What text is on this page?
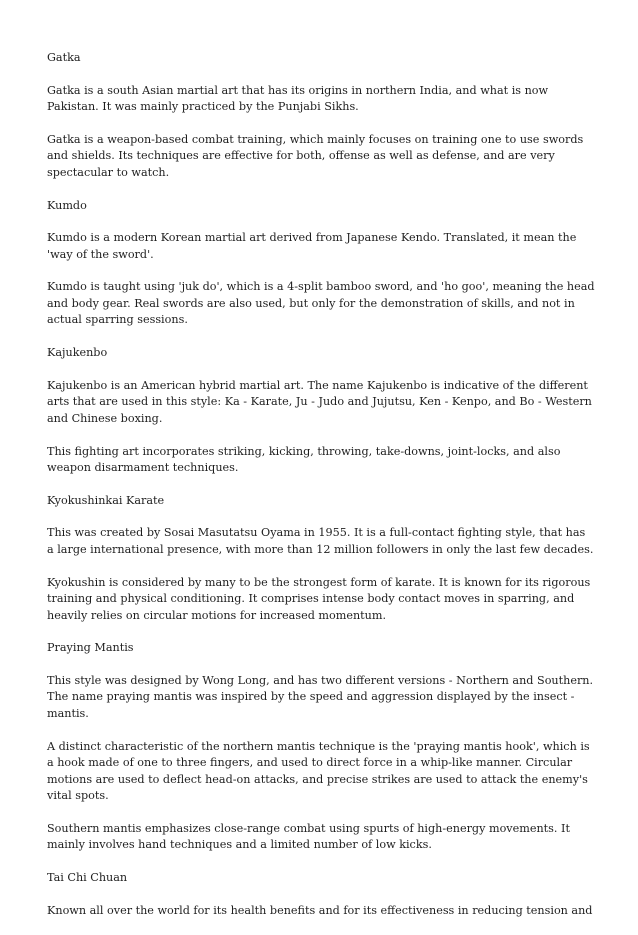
Gatka
Gatka is a south Asian martial art that has its origins in northern India, and what is now Pakistan. It was mainly practiced by the Punjabi Sikhs.
Gatka is a weapon-based combat training, which mainly focuses on training one to use swords and shields. Its techniques are effective for both, offense as well as defense, and are very spectacular to watch.
Kumdo
Kumdo is a modern Korean martial art derived from Japanese Kendo. Translated, it mean the 'way of the sword'.
Kumdo is taught using 'juk do', which is a 4-split bamboo sword, and 'ho goo', meaning the head and body gear. Real swords are also used, but only for the demonstration of skills, and not in actual sparring sessions.
Kajukenbo
Kajukenbo is an American hybrid martial art. The name Kajukenbo is indicative of the different arts that are used in this style: Ka - Karate, Ju - Judo and Jujutsu, Ken - Kenpo, and Bo - Western and Chinese boxing.
This fighting art incorporates striking, kicking, throwing, take-downs, joint-locks, and also weapon disarmament techniques.
Kyokushinkai Karate
This was created by Sosai Masutatsu Oyama in 1955. It is a full-contact fighting style, that has a large international presence, with more than 12 million followers in only the last few decades.
Kyokushin is considered by many to be the strongest form of karate. It is known for its rigorous training and physical conditioning. It comprises intense body contact moves in sparring, and heavily relies on circular motions for increased momentum.
Praying Mantis
This style was designed by Wong Long, and has two different versions - Northern and Southern. The name praying mantis was inspired by the speed and aggression displayed by the insect - mantis.
A distinct characteristic of the northern mantis technique is the 'praying mantis hook', which is a hook made of one to three fingers, and used to direct force in a whip-like manner. Circular motions are used to deflect head-on attacks, and precise strikes are used to attack the enemy's vital spots.
Southern mantis emphasizes close-range combat using spurts of high-energy movements. It mainly involves hand techniques and a limited number of low kicks.
Tai Chi Chuan
Known all over the world for its health benefits and for its effectiveness in reducing tension and
